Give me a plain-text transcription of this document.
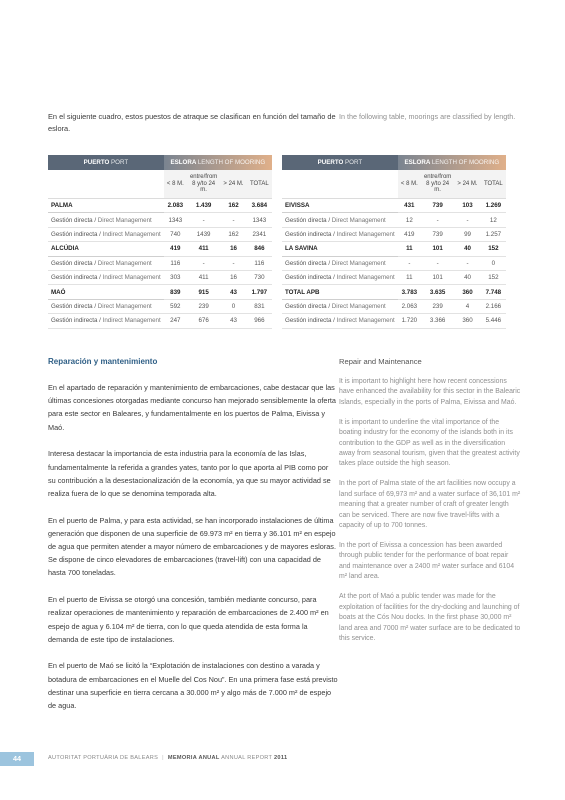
En el siguiente cuadro, estos puestos de atraque se clasifican en función del tamaño de eslora.
In the following table, moorings are classified by length.
PUERTO PORT	ESLORA LENGTH OF MOORING			
	< 8 M.	entre/from 8 y/to 24 m.	> 24 M.	TOTAL
PALMA	2.083	1.439	162	3.684
Gestión directa / Direct Management	1343	-	-	1343
Gestión indirecta / Indirect Management	740	1439	162	2341
ALCÚDIA	419	411	16	846
Gestión directa / Direct Management	116	-	-	116
Gestión indirecta / Indirect Management	303	411	16	730
MAÓ	839	915	43	1.797
Gestión directa / Direct Management	592	239	0	831
Gestión indirecta / Indirect Management	247	676	43	966
PUERTO PORT	ESLORA LENGTH OF MOORING			
	< 8 M.	entre/from 8 y/to 24 m.	> 24 M.	TOTAL
EIVISSA	431	739	103	1.269
Gestión directa / Direct Management	12	-	-	12
Gestión indirecta / Indirect Management	419	739	99	1.257
LA SAVINA	11	101	40	152
Gestión directa / Direct Management	-	-	-	0
Gestión indirecta / Indirect Management	11	101	40	152
TOTAL APB	3.783	3.635	360	7.748
Gestión directa / Direct Management	2.063	239	4	2.166
Gestión indirecta / Indirect Management	1.720	3.366	360	5.446
Reparación y mantenimiento	Repair and Maintenance

En el apartado de reparación y mantenimiento de embarcaciones, cabe destacar que las últimas concesiones otorgadas mediante concurso han mejorado sensiblemente la oferta para este sector en Baleares, y fundamentalmente en los puertos de Palma, Eivissa y Maó.

Interesa destacar la importancia de esta industria para la economía de las Islas, fundamentalmente la referida a grandes yates, tanto por lo que aporta al PIB como por su contribución a la desestacionalización de la economía, ya que su mayor actividad se realiza fuera de lo que se denomina temporada alta.

En el puerto de Palma, y para esta actividad, se han incorporado instalaciones de última generación que disponen de una superficie de 69.973 m² en tierra y 36.101 m² en espejo de agua que permiten atender a mayor número de embarcaciones y de mayores esloras. Se dispone de cinco elevadores de embarcaciones (travel-lift) con una capacidad de hasta 700 toneladas.

En el puerto de Eivissa se otorgó una concesión, también mediante concurso, para realizar operaciones de mantenimiento y reparación de embarcaciones de 2.400 m² en espejo de agua y 6.104 m² de tierra, con lo que queda atendida de esta forma la demanda de este tipo de instalaciones.

En el puerto de Maó se licitó la “Explotación de instalaciones con destino a varada y botadura de embarcaciones en el Muelle del Cos Nou”. En una primera fase está previsto destinar una superficie en tierra cercana a 30.000 m² y algo más de 7.000 m² de espejo de agua.

It is important to highlight here how recent concessions have enhanced the availability for this sector in the Balearic Islands, especially in the ports of Palma, Eivissa and Maó.

It is important to underline the vital importance of the boating industry for the economy of the islands both in its contribution to the GDP as well as in the diversification away from seasonal tourism, given that the greatest activity takes place outside the high season.

In the port of Palma state of the art facilities now occupy a land surface of 69,973 m² and a water surface of 36,101 m² meaning that a greater number of craft of greater length can be serviced. There are now five travel-lifts with a capacity of up to 700 tonnes.

In the port of Eivissa a concession has been awarded through public tender for the performance of boat repair and maintenance over a 2400 m² water surface and 6104 m² land area.

At the port of Maó a public tender was made for the exploitation of facilities for the dry-docking and launching of boats at the Cós Nou docks. In the first phase 30,000 m² land area and 7000 m² water surface are to be dedicated to this service.

44	AUTORITAT PORTUÀRIA DE BALEARS | MEMORIA ANUAL ANNUAL REPORT 2011
